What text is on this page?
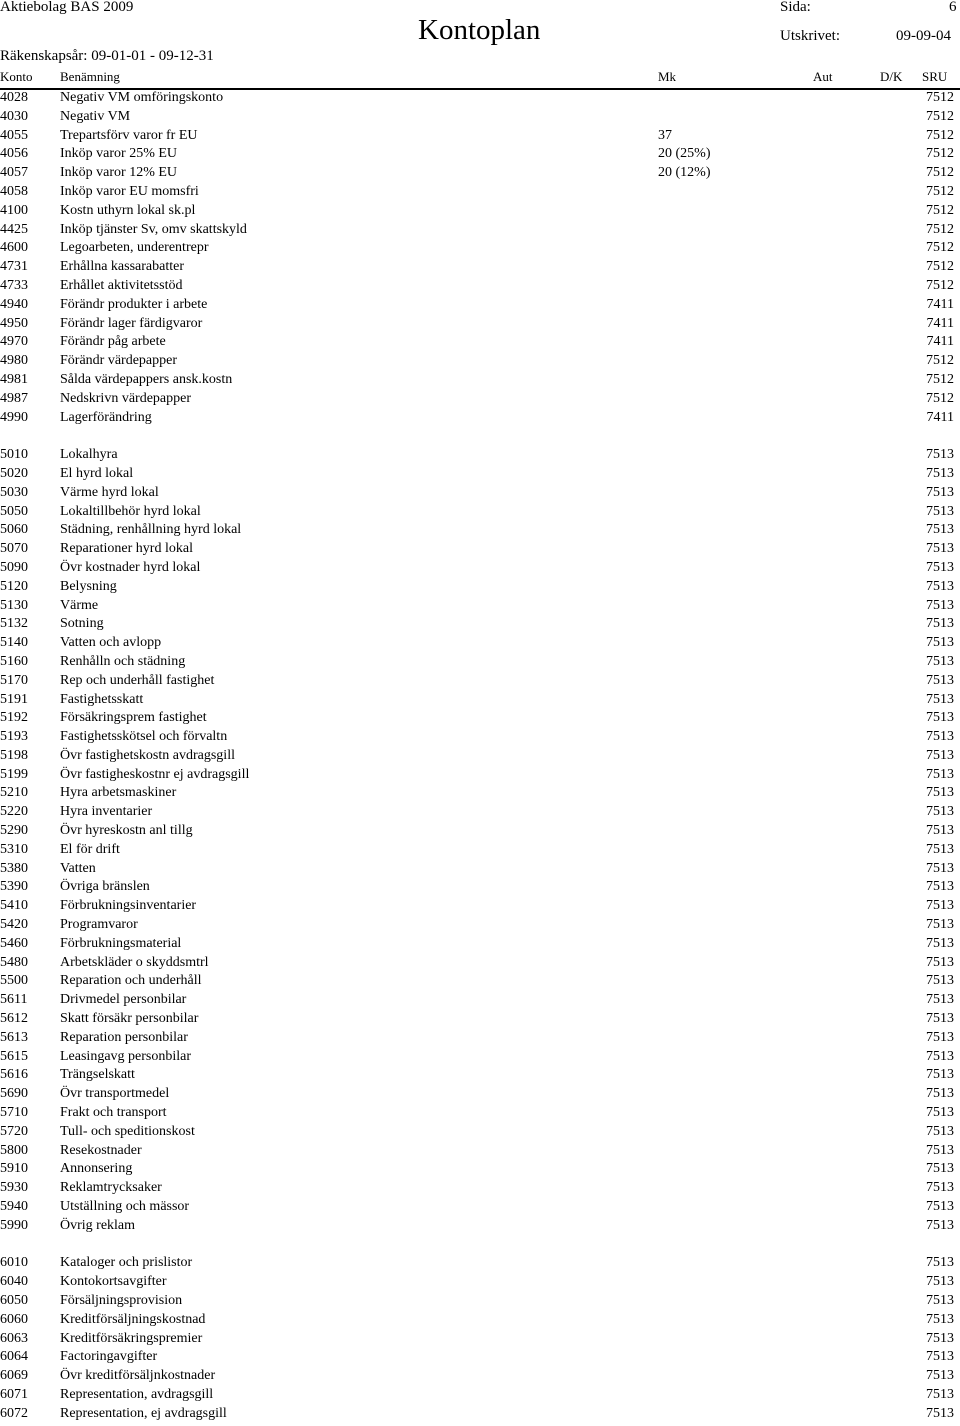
Aktiebolag BAS 2009	Sida:	6
Kontoplan	Utskrivet:	09-09-04
Räkenskapsår: 09-01-01 - 09-12-31
Konto Benämning	Mk	Aut	D/K SRU
4028 Negativ VM omföringskonto	7512
4030 Negativ VM	7512
4055 Trepartsförv varor fr EU	37	7512
4056 Inköp varor 25% EU	20 (25%)	7512
4057 Inköp varor 12% EU	20 (12%)	7512
4058 Inköp varor EU momsfri	7512
4100 Kostn uthyrn lokal sk.pl	7512
4425 Inköp tjänster Sv, omv skattskyld	7512
4600 Legoarbeten, underentrepr	7512
4731 Erhållna kassarabatter	7512
4733 Erhållet aktivitetsstöd	7512
4940 Förändr produkter i arbete	7411
4950 Förändr lager färdigvaror	7411
4970 Förändr påg arbete	7411
4980 Förändr värdepapper	7512
4981 Sålda värdepappers ansk.kostn	7512
4987 Nedskrivn värdepapper	7512
4990 Lagerförändring	7411
5010 Lokalhyra	7513
5020 El hyrd lokal	7513
5030 Värme hyrd lokal	7513
5050 Lokaltillbehör hyrd lokal	7513
5060 Städning, renhållning hyrd lokal	7513
5070 Reparationer hyrd lokal	7513
5090 Övr kostnader hyrd lokal	7513
5120 Belysning	7513
5130 Värme	7513
5132 Sotning	7513
5140 Vatten och avlopp	7513
5160 Renhålln och städning	7513
5170 Rep och underhåll fastighet	7513
5191 Fastighetsskatt	7513
5192 Försäkringsprem fastighet	7513
5193 Fastighetsskötsel och förvaltn	7513
5198 Övr fastighetskostn avdragsgill	7513
5199 Övr fastigheskostnr ej avdragsgill	7513
5210 Hyra arbetsmaskiner	7513
5220 Hyra inventarier	7513
5290 Övr hyreskostn anl tillg	7513
5310 El för drift	7513
5380 Vatten	7513
5390 Övriga bränslen	7513
5410 Förbrukningsinventarier	7513
5420 Programvaror	7513
5460 Förbrukningsmaterial	7513
5480 Arbetskläder o skyddsmtrl	7513
5500 Reparation och underhåll	7513
5611 Drivmedel personbilar	7513
5612 Skatt försäkr personbilar	7513
5613 Reparation personbilar	7513
5615 Leasingavg personbilar	7513
5616 Trängselskatt	7513
5690 Övr transportmedel	7513
5710 Frakt och transport	7513
5720 Tull- och speditionskost	7513
5800 Resekostnader	7513
5910 Annonsering	7513
5930 Reklamtrycksaker	7513
5940 Utställning och mässor	7513
5990 Övrig reklam	7513
6010 Kataloger och prislistor	7513
6040 Kontokortsavgifter	7513
6050 Försäljningsprovision	7513
6060 Kreditförsäljningskostnad	7513
6063 Kreditförsäkringspremier	7513
6064 Factoringavgifter	7513
6069 Övr kreditförsäljnkostnader	7513
6071 Representation, avdragsgill	7513
6072 Representation, ej avdragsgill	7513
